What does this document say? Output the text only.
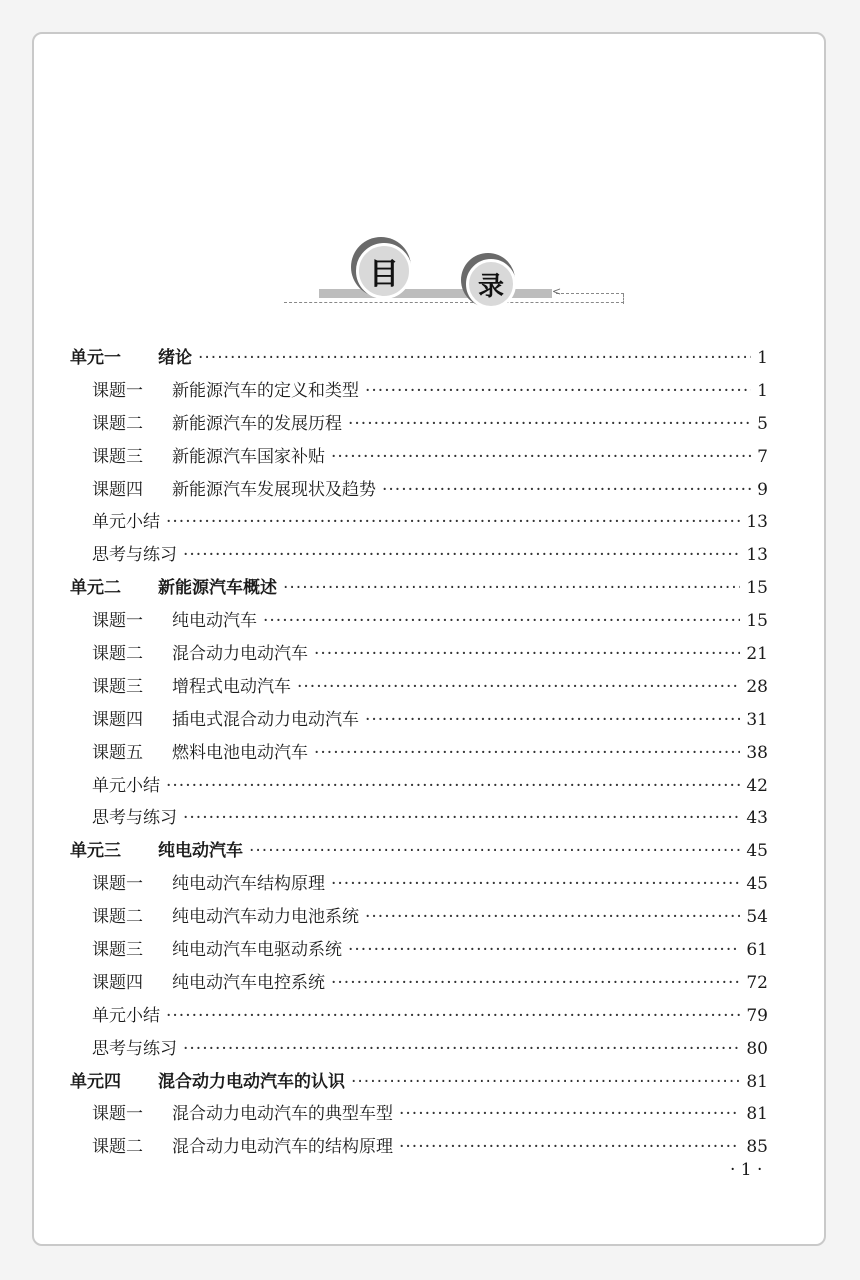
<
目	录
单元一	绪论 ·····	1
课题一	新能源汽车的定义和类型 ·····	1
课题二	新能源汽车的发展历程 ·····	5
课题三	新能源汽车国家补贴 ·····	7
课题四	新能源汽车发展现状及趋势 ·····	9
单元小结 ·····	13
思考与练习 ·····	13
单元二	新能源汽车概述 ·····	15
课题一	纯电动汽车 ·····	15
课题二	混合动力电动汽车 ·····	21
课题三	增程式电动汽车 ·····	28
课题四	插电式混合动力电动汽车 ·····	31
课题五	燃料电池电动汽车 ·····	38
单元小结 ·····	42
思考与练习 ·····	43
单元三	纯电动汽车 ·····	45
课题一	纯电动汽车结构原理 ·····	45
课题二	纯电动汽车动力电池系统 ·····	54
课题三	纯电动汽车电驱动系统 ·····	61
课题四	纯电动汽车电控系统 ·····	72
单元小结 ·····	79
思考与练习 ·····	80
单元四	混合动力电动汽车的认识 ·····	81
课题一	混合动力电动汽车的典型车型 ·····	81
课题二	混合动力电动汽车的结构原理 ·····	85
· 1 ·
